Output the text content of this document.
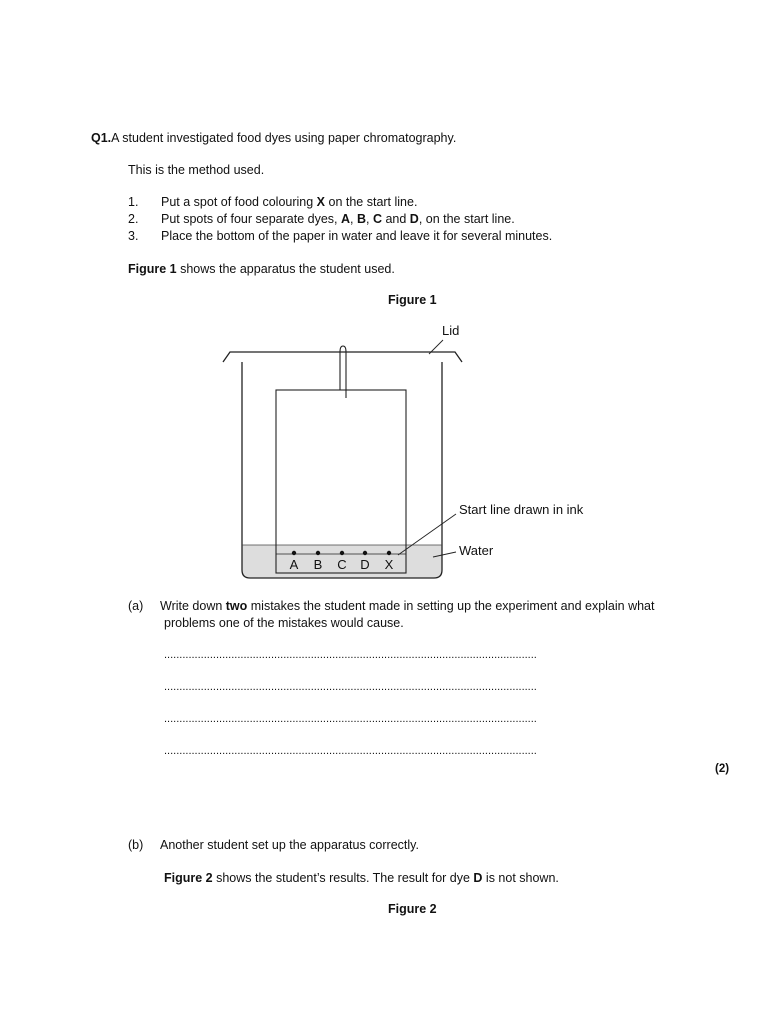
Q1.A student investigated food dyes using paper chromatography.
This is the method used.
1. Put a spot of food colouring X on the start line.
2. Put spots of four separate dyes, A, B, C and D, on the start line.
3. Place the bottom of the paper in water and leave it for several minutes.
Figure 1 shows the apparatus the student used.
Figure 1
A B C D X
Lid
Start line drawn in ink
Water
(a) Write down two mistakes the student made in setting up the experiment and explain what
problems one of the mistakes would cause.
..........................................................................................................................
..........................................................................................................................
..........................................................................................................................
..........................................................................................................................
(2)
(b) Another student set up the apparatus correctly.
Figure 2 shows the student’s results. The result for dye D is not shown.
Figure 2
